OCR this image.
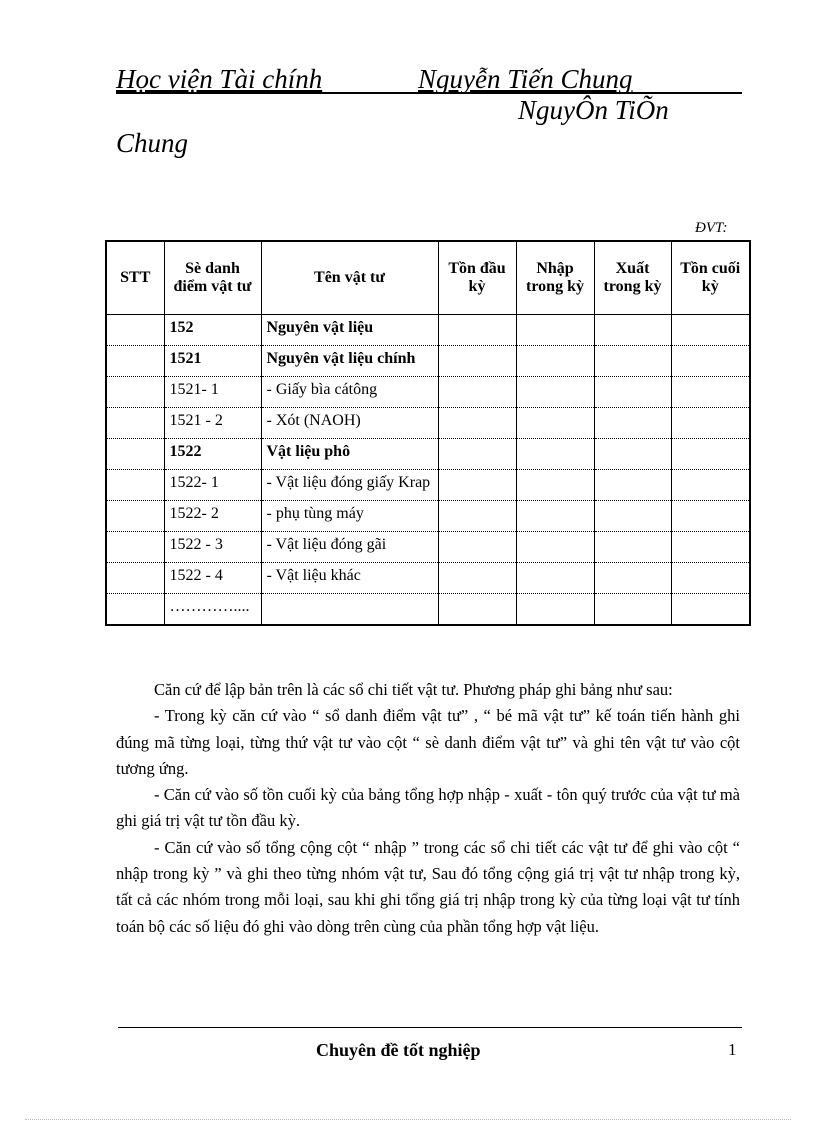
Học viện Tài chính	Nguyễn Tiến Chung
NguyÔn TiÕn
Chung
ĐVT:
STT	Sè danh điểm vật tư	Tên vật tư	Tồn đầu kỳ	Nhập trong kỳ	Xuất trong kỳ	Tồn cuối kỳ
	152	Nguyên vật liệu				
	1521	Nguyên vật liệu chính				
	1521- 1	- Giấy bìa cátông				
	1521 - 2	- Xót (NAOH)				
	1522	Vật liệu phô				
	1522- 1	- Vật liệu đóng giấy Krap				
	1522- 2	- phụ tùng máy				
	1522 - 3	- Vật liệu đóng gãi				
	1522 - 4	- Vật liệu khác				
	…………....					

Căn cứ để lập bản trên là các sổ chi tiết vật tư. Phương pháp ghi bảng như sau:

- Trong kỳ căn cứ vào “ sổ danh điểm vật tư” , “ bé mã vật tư” kế toán tiến hành ghi đúng mã từng loại, từng thứ vật tư vào cột “ sè danh điểm vật tư” và ghi tên vật tư vào cột tương ứng.

- Căn cứ vào số tồn cuối kỳ của bảng tổng hợp nhập - xuất - tôn quý trước của vật tư mà ghi giá trị vật tư tồn đầu kỳ.

- Căn cứ vào số tổng cộng cột “ nhập ” trong các sổ chi tiết các vật tư để ghi vào cột “ nhập trong kỳ ” và ghi theo từng nhóm vật tư, Sau đó tổng cộng giá trị vật tư nhập trong kỳ, tất cả các nhóm trong mỗi loại, sau khi ghi tổng giá trị nhập trong kỳ của từng loại vật tư tính toán bộ các số liệu đó ghi vào dòng trên cùng của phần tổng hợp vật liệu.

Chuyên đề tốt nghiệp	1
